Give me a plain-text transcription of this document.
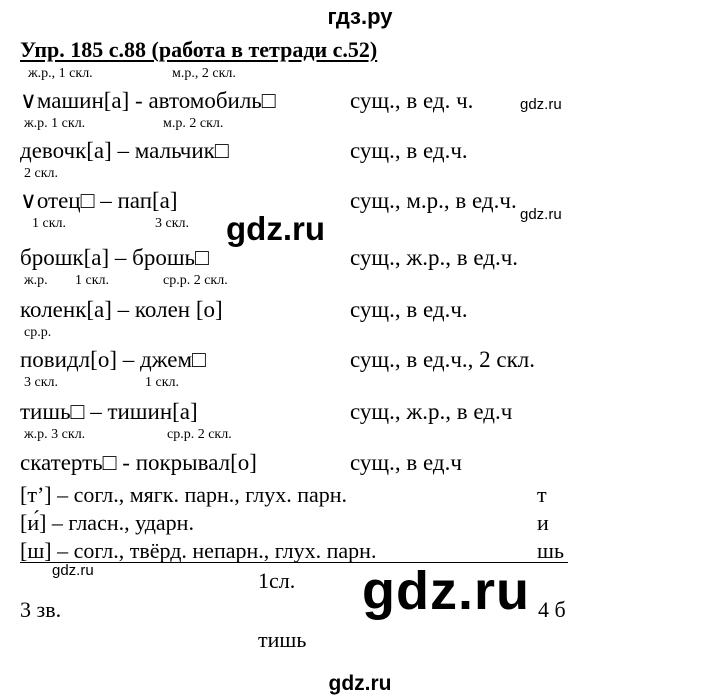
гдз.ру
Упр. 185 с.88 (работа в тетради с.52)
ж.р., 1 скл.	м.р., 2 скл.
∨машин[а] - автомобиль□	сущ., в ед. ч.
ж.р. 1 скл.	м.р. 2 скл.
девочк[а] – мальчик□	сущ., в ед.ч.
2 скл.
∨отец□ – пап[а]	сущ., м.р., в ед.ч.
1 скл.	3 скл.
брошк[а] – брошь□	сущ., ж.р., в ед.ч.
ж.р. 1 скл.	ср.р. 2 скл.
коленк[а] – колен [о]	сущ., в ед.ч.
ср.р.
повидл[о] – джем□	сущ., в ед.ч., 2 скл.
3 скл.	1 скл.
тишь□ – тишин[а]	сущ., ж.р., в ед.ч
ж.р. 3 скл.	ср.р. 2 скл.
скатерть□ - покрывал[о]	сущ., в ед.ч
[т’] – согл., мягк. парн., глух. парн.	т
[и́] – гласн., ударн.	и
[ш] – согл., твёрд. непарн., глух. парн.	шь
1сл.
3 зв.	4 б
тишь
gdz.ru
gdz.ru
gdz.ru
gdz.ru	gdz.ru
gdz.ru
